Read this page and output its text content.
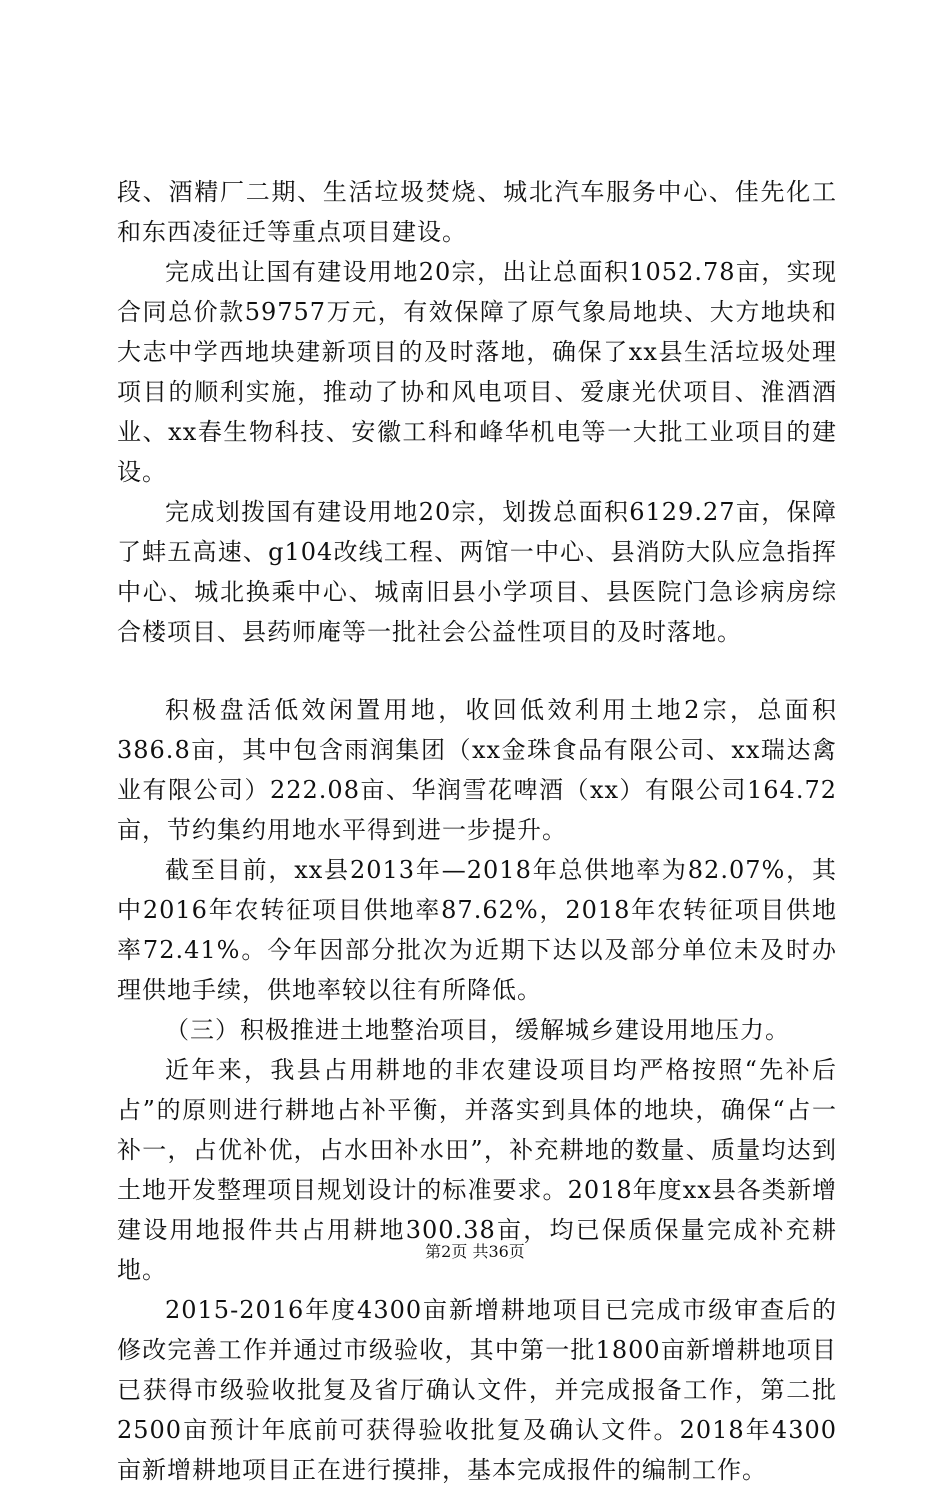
段、酒精厂二期、生活垃圾焚烧、城北汽车服务中心、佳先化工和东西凌征迁等重点项目建设。

完成出让国有建设用地20宗，出让总面积1052.78亩，实现合同总价款59757万元，有效保障了原气象局地块、大方地块和大志中学西地块建新项目的及时落地，确保了xx县生活垃圾处理项目的顺利实施，推动了协和风电项目、爱康光伏项目、淮酒酒业、xx春生物科技、安徽工科和峰华机电等一大批工业项目的建设。

完成划拨国有建设用地20宗，划拨总面积6129.27亩，保障了蚌五高速、g104改线工程、两馆一中心、县消防大队应急指挥中心、城北换乘中心、城南旧县小学项目、县医院门急诊病房综合楼项目、县药师庵等一批社会公益性项目的及时落地。

积极盘活低效闲置用地，收回低效利用土地2宗，总面积386.8亩，其中包含雨润集团（xx金珠食品有限公司、xx瑞达禽业有限公司）222.08亩、华润雪花啤酒（xx）有限公司164.72亩，节约集约用地水平得到进一步提升。

截至目前，xx县2013年—2018年总供地率为82.07%，其中2016年农转征项目供地率87.62%，2018年农转征项目供地率72.41%。今年因部分批次为近期下达以及部分单位未及时办理供地手续，供地率较以往有所降低。

（三）积极推进土地整治项目，缓解城乡建设用地压力。

近年来，我县占用耕地的非农建设项目均严格按照“先补后占”的原则进行耕地占补平衡，并落实到具体的地块，确保“占一补一，占优补优，占水田补水田”，补充耕地的数量、质量均达到土地开发整理项目规划设计的标准要求。2018年度xx县各类新增建设用地报件共占用耕地300.38亩，均已保质保量完成补充耕地。

2015-2016年度4300亩新增耕地项目已完成市级审查后的修改完善工作并通过市级验收，其中第一批1800亩新增耕地项目已获得市级验收批复及省厅确认文件，并完成报备工作，第二批2500亩预计年底前可获得验收批复及确认文件。2018年4300亩新增耕地项目正在进行摸排，基本完成报件的编制工作。

第2页 共36页
